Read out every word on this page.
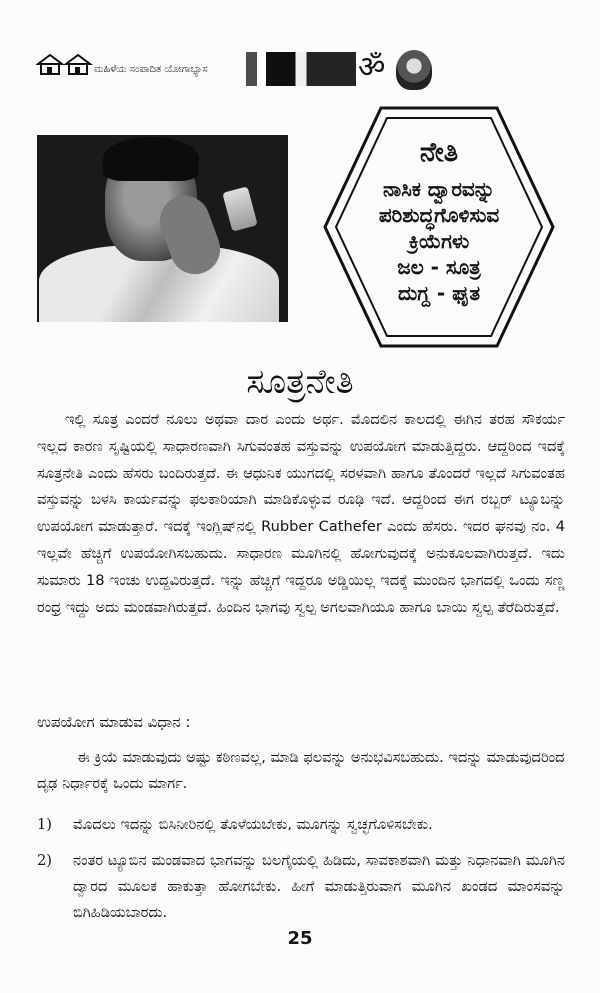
ಮಹಿಳೆಯ ಸಂಪಾದಿತ ಯೋಗಾಭ್ಯಾಸ	ॐ
ನೇತಿ
ನಾಸಿಕ ದ್ವಾರವನ್ನು
ಪರಿಶುದ್ಧಗೊಳಿಸುವ
ಕ್ರಿಯೆಗಳು
ಜಲ - ಸೂತ್ರ
ದುಗ್ದ - ಘೃತ
ಸೂತ್ರನೇತಿ
ಇಲ್ಲಿ ಸೂತ್ರ ಎಂದರೆ ನೂಲು ಅಥವಾ ದಾರ ಎಂದು ಅರ್ಥ. ಮೊದಲಿನ ಕಾಲದಲ್ಲಿ ಈಗಿನ ತರಹ ಸೌಕರ್ಯ ಇಲ್ಲದ ಕಾರಣ ಸೃಷ್ಟಿಯಲ್ಲಿ ಸಾಧಾರಣವಾಗಿ ಸಿಗುವಂತಹ ವಸ್ತುವನ್ನು ಉಪಯೋಗ ಮಾಡುತ್ತಿದ್ದರು. ಆದ್ದರಿಂದ ಇದಕ್ಕೆ ಸೂತ್ರನೇತಿ ಎಂದು ಹೆಸರು ಬಂದಿರುತ್ತದೆ. ಈ ಆಧುನಿಕ ಯುಗದಲ್ಲಿ ಸರಳವಾಗಿ ಹಾಗೂ ತೊಂದರೆ ಇಲ್ಲದೆ ಸಿಗುವಂತಹ ವಸ್ತುವನ್ನು ಬಳಸಿ ಕಾರ್ಯವನ್ನು ಫಲಕಾರಿಯಾಗಿ ಮಾಡಿಕೊಳ್ಳುವ ರೂಢಿ ಇದೆ. ಆದ್ದರಿಂದ ಈಗ ರಬ್ಬರ್ ಟ್ಯೂಬನ್ನು ಉಪಯೋಗ ಮಾಡುತ್ತಾರೆ. ಇದಕ್ಕೆ ಇಂಗ್ಲಿಷ್‌ನಲ್ಲಿ Rubber Cathefer ಎಂದು ಹೆಸರು. ಇದರ ಘನವು ನಂ. 4 ಇಲ್ಲವೇ ಹೆಚ್ಚಿಗೆ ಉಪಯೋಗಿಸಬಹುದು. ಸಾಧಾರಣ ಮೂಗಿನಲ್ಲಿ ಹೋಗುವುದಕ್ಕೆ ಅನುಕೂಲವಾಗಿರುತ್ತದೆ. ಇದು ಸುಮಾರು 18 ಇಂಚು ಉದ್ದವಿರುತ್ತದೆ. ಇನ್ನು ಹೆಚ್ಚಿಗೆ ಇದ್ದರೂ ಅಡ್ಡಿಯಿಲ್ಲ ಇದಕ್ಕೆ ಮುಂದಿನ ಭಾಗದಲ್ಲಿ ಒಂದು ಸಣ್ಣ ರಂಧ್ರ ಇದ್ದು ಅದು ಮಂಡವಾಗಿರುತ್ತದೆ. ಹಿಂದಿನ ಭಾಗವು ಸ್ವಲ್ಪ ಅಗಲವಾಗಿಯೂ ಹಾಗೂ ಬಾಯಿ ಸ್ವಲ್ಪ ತೆರೆದಿರುತ್ತದೆ.
ಉಪಯೋಗ ಮಾಡುವ ವಿಧಾನ :
ಈ ಕ್ರಿಯೆ ಮಾಡುವುದು ಅಷ್ಟು ಕಠಿಣವಲ್ಲ, ಮಾಡಿ ಫಲವನ್ನು ಅನುಭವಿಸಬಹುದು. ಇದನ್ನು ಮಾಡುವುದರಿಂದ ದೃಢ ನಿರ್ಧಾರಕ್ಕೆ ಒಂದು ಮಾರ್ಗ.
1)	ಮೊದಲು ಇದನ್ನು ಬಿಸಿನೀರಿನಲ್ಲಿ ತೊಳೆಯಬೇಕು, ಮೂಗನ್ನು ಸ್ವಚ್ಛಗೊಳಿಸಬೇಕು.
2)	ನಂತರ ಟ್ಯೂಬಿನ ಮಂಡವಾದ ಭಾಗವನ್ನು ಬಲಗೈಯಲ್ಲಿ ಹಿಡಿದು, ಸಾವಕಾಶವಾಗಿ ಮತ್ತು ನಿಧಾನವಾಗಿ ಮೂಗಿನ ದ್ವಾರದ ಮೂಲಕ ಹಾಕುತ್ತಾ ಹೋಗಬೇಕು. ಹೀಗೆ ಮಾಡುತ್ತಿರುವಾಗ ಮೂಗಿನ ಖಂಡದ ಮಾಂಸವನ್ನು ಬಿಗಿಹಿಡಿಯಬಾರದು.
25
